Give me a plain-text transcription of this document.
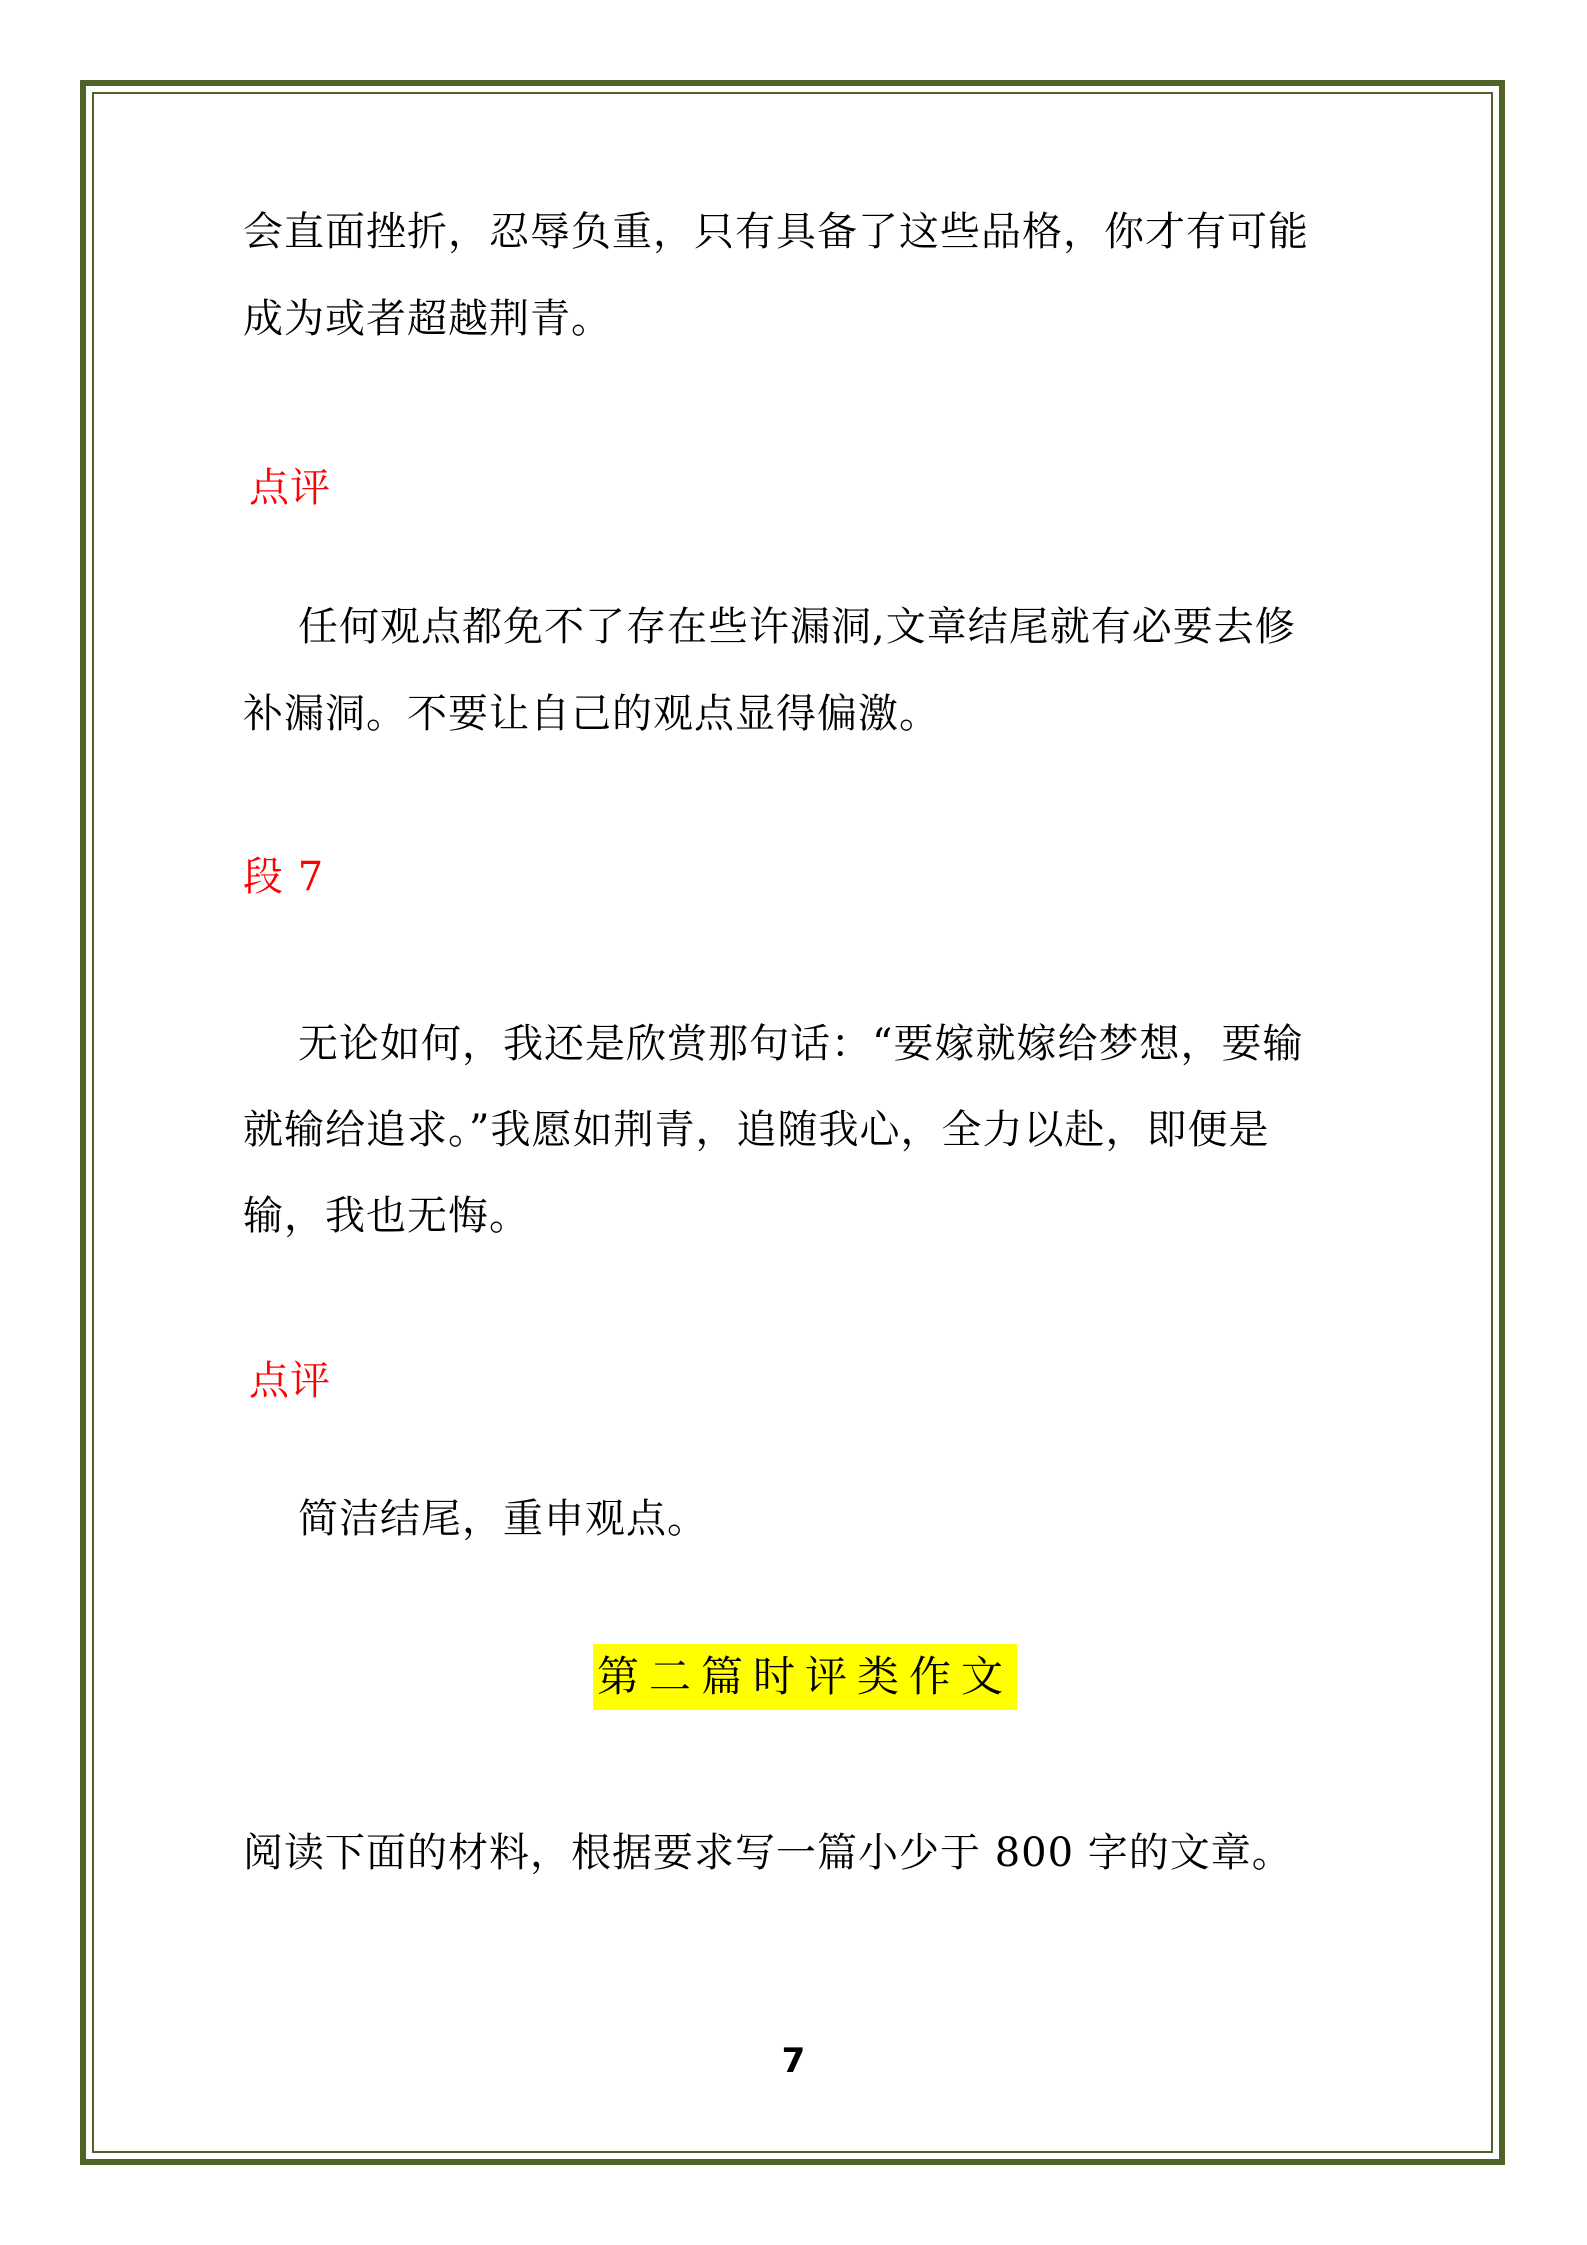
会直面挫折，忍辱负重，只有具备了这些品格，你才有可能
成为或者超越荆青。
点评
任何观点都免不了存在些许漏洞,文章结尾就有必要去修
补漏洞。不要让自己的观点显得偏激。
段 7
无论如何，我还是欣赏那句话：“要嫁就嫁给梦想，要输
就输给追求。”我愿如荆青，追随我心，全力以赴，即便是
输，我也无悔。
点评
简洁结尾，重申观点。
第二篇时评类作文
阅读下面的材料，根据要求写一篇小少于 800 字的文章。
7
